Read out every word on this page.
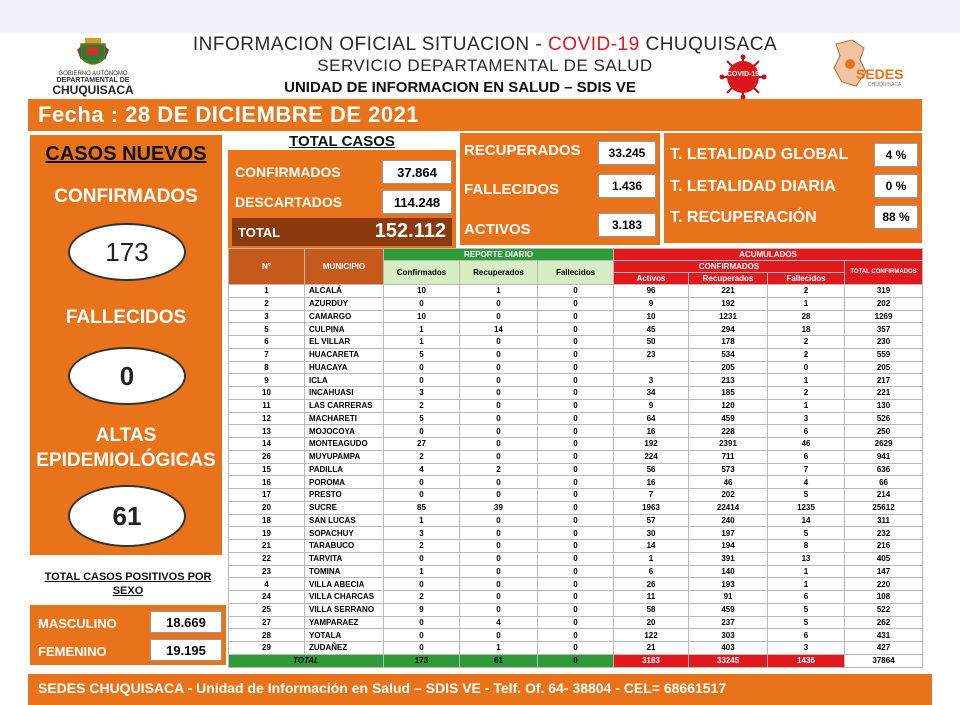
GOBIERNO AUTÓNOMO
DEPARTAMENTAL DE
CHUQUISACA
INFORMACION OFICIAL SITUACION - COVID-19 CHUQUISACA
SERVICIO DEPARTAMENTAL DE SALUD
UNIDAD DE INFORMACION EN SALUD – SDIS VE
COVID-19	SEDES
CHUQUISACA
Fecha : 28 DE DICIEMBRE DE 2021
CASOS NUEVOS
CONFIRMADOS
173
FALLECIDOS
0
ALTAS
EPIDEMIOLÓGICAS
61
TOTAL CASOS POSITIVOS POR SEXO
MASCULINO	18.669
FEMENINO	19.195
CONFIRMADOS	37.864
DESCARTADOS	114.248
TOTAL	152.112
TOTAL CASOS
RECUPERADOS	33.245
FALLECIDOS	1.436
ACTIVOS	3.183
T. LETALIDAD GLOBAL	4 %
T. LETALIDAD DIARIA	0 %
T. RECUPERACIÓN	88 %
N°	MUNICIPIO	REPORTE DIARIO			ACUMULADOS			
		Confirmados	Recuperados	Fallecidos	CONFIRMADOS			TOTAL CONFIRMADOS
					Activos	Recuperados	Fallecidos	
1	ALCALÁ	10	1	0	96	221	2	319
2	AZURDUY	0	0	0	9	192	1	202
3	CAMARGO	10	0	0	10	1231	28	1269
5	CULPINA	1	14	0	45	294	18	357
6	EL VILLAR	1	0	0	50	178	2	230
7	HUACARETA	5	0	0	23	534	2	559
8	HUACAYA	0	0	0		205	0	205
9	ICLA	0	0	0	3	213	1	217
10	INCAHUASI	3	0	0	34	185	2	221
11	LAS CARRERAS	2	0	0	9	120	1	130
12	MACHARETI	5	0	0	64	459	3	526
13	MOJOCOYA	0	0	0	16	228	6	250
14	MONTEAGUDO	27	0	0	192	2391	46	2629
26	MUYUPAMPA	2	0	0	224	711	6	941
15	PADILLA	4	2	0	56	573	7	636
16	POROMA	0	0	0	16	46	4	66
17	PRESTO	0	0	0	7	202	5	214
20	SUCRE	85	39	0	1963	22414	1235	25612
18	SAN LUCAS	1	0	0	57	240	14	311
19	SOPACHUY	3	0	0	30	197	5	232
21	TARABUCO	2	0	0	14	194	8	216
22	TARVITA	0	0	0	1	391	13	405
23	TOMINA	1	0	0	6	140	1	147
4	VILLA ABECIA	0	0	0	26	193	1	220
24	VILLA CHARCAS	2	0	0	11	91	6	108
25	VILLA SERRANO	9	0	0	58	459	5	522
27	YAMPARAEZ	0	4	0	20	237	5	262
28	YOTALA	0	0	0	122	303	6	431
29	ZUDAÑEZ	0	1	0	21	403	3	427
TOTAL		173	61	0	3183	33245	1436	37864
SEDES CHUQUISACA - Unidad de Información en Salud – SDIS VE - Telf. Of. 64- 38804 - CEL= 68661517
